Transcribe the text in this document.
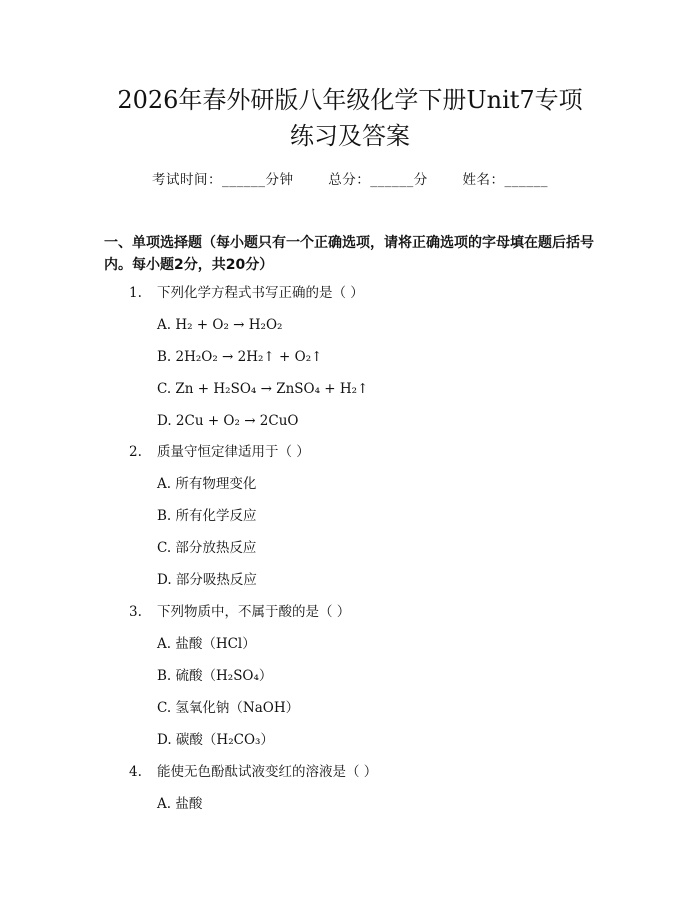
2026年春外研版八年级化学下册Unit7专项
练习及答案
考试时间：______分钟	总分：______分	姓名：______
一、单项选择题（每小题只有一个正确选项，请将正确选项的字母填在题后括号内。每小题2分，共20分）
1. 下列化学方程式书写正确的是（ ）
A. H₂ + O₂ → H₂O₂
B. 2H₂O₂ → 2H₂↑ + O₂↑
C. Zn + H₂SO₄ → ZnSO₄ + H₂↑
D. 2Cu + O₂ → 2CuO
2. 质量守恒定律适用于（ ）
A. 所有物理变化
B. 所有化学反应
C. 部分放热反应
D. 部分吸热反应
3. 下列物质中，不属于酸的是（ ）
A. 盐酸（HCl）
B. 硫酸（H₂SO₄）
C. 氢氧化钠（NaOH）
D. 碳酸（H₂CO₃）
4. 能使无色酚酞试液变红的溶液是（ ）
A. 盐酸
